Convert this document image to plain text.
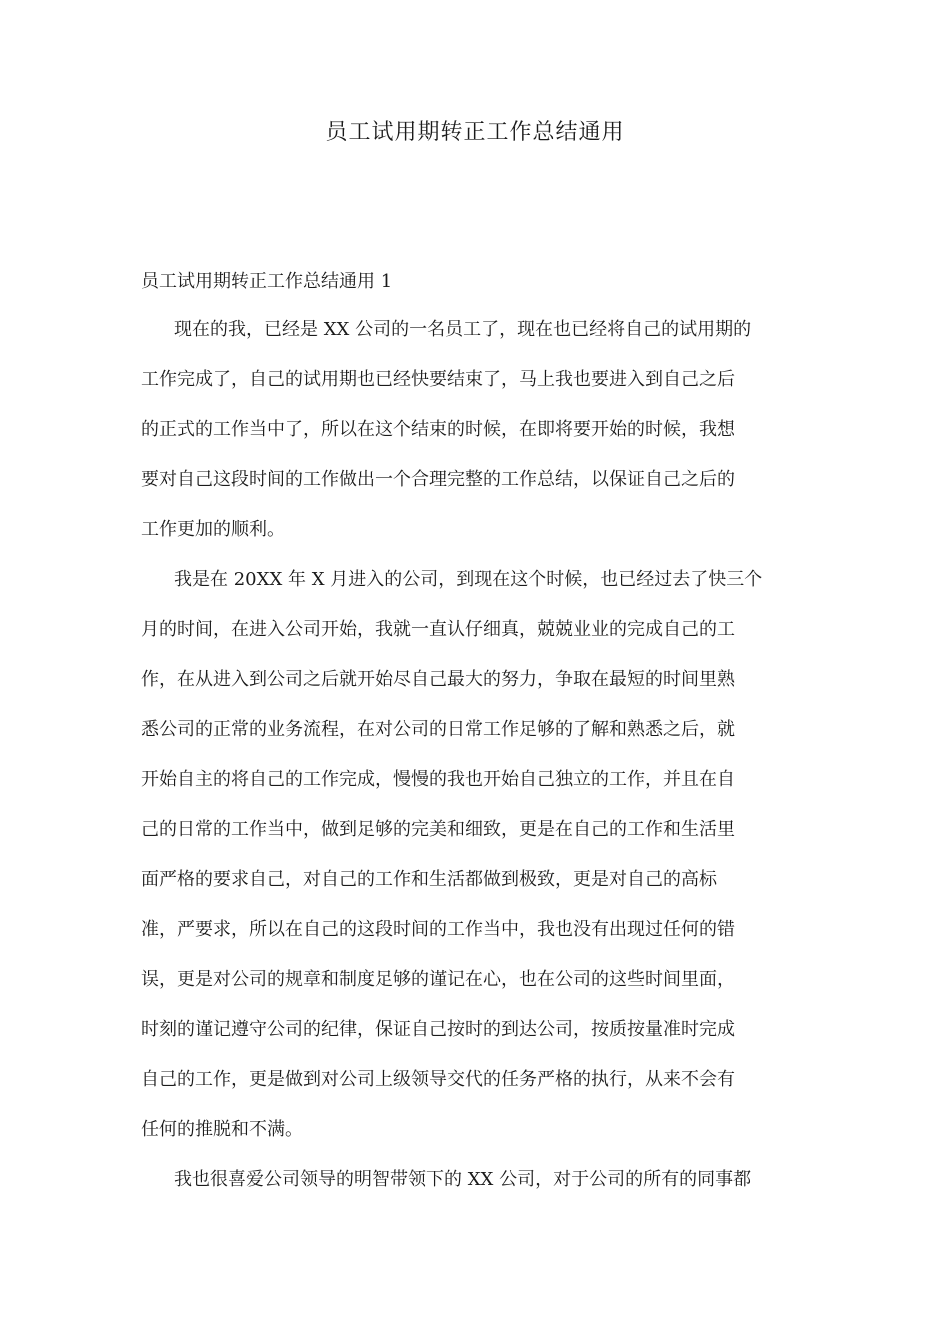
员工试用期转正工作总结通用
员工试用期转正工作总结通用 1
现在的我，已经是 XX 公司的一名员工了，现在也已经将自己的试用期的
工作完成了，自己的试用期也已经快要结束了，马上我也要进入到自己之后
的正式的工作当中了，所以在这个结束的时候，在即将要开始的时候，我想
要对自己这段时间的工作做出一个合理完整的工作总结，以保证自己之后的
工作更加的顺利。
我是在 20XX 年 X 月进入的公司，到现在这个时候，也已经过去了快三个
月的时间，在进入公司开始，我就一直认仔细真，兢兢业业的完成自己的工
作，在从进入到公司之后就开始尽自己最大的努力，争取在最短的时间里熟
悉公司的正常的业务流程，在对公司的日常工作足够的了解和熟悉之后，就
开始自主的将自己的工作完成，慢慢的我也开始自己独立的工作，并且在自
己的日常的工作当中，做到足够的完美和细致，更是在自己的工作和生活里
面严格的要求自己，对自己的工作和生活都做到极致，更是对自己的高标
准，严要求，所以在自己的这段时间的工作当中，我也没有出现过任何的错
误，更是对公司的规章和制度足够的谨记在心，也在公司的这些时间里面，
时刻的谨记遵守公司的纪律，保证自己按时的到达公司，按质按量准时完成
自己的工作，更是做到对公司上级领导交代的任务严格的执行，从来不会有
任何的推脱和不满。
我也很喜爱公司领导的明智带领下的 XX 公司，对于公司的所有的同事都
